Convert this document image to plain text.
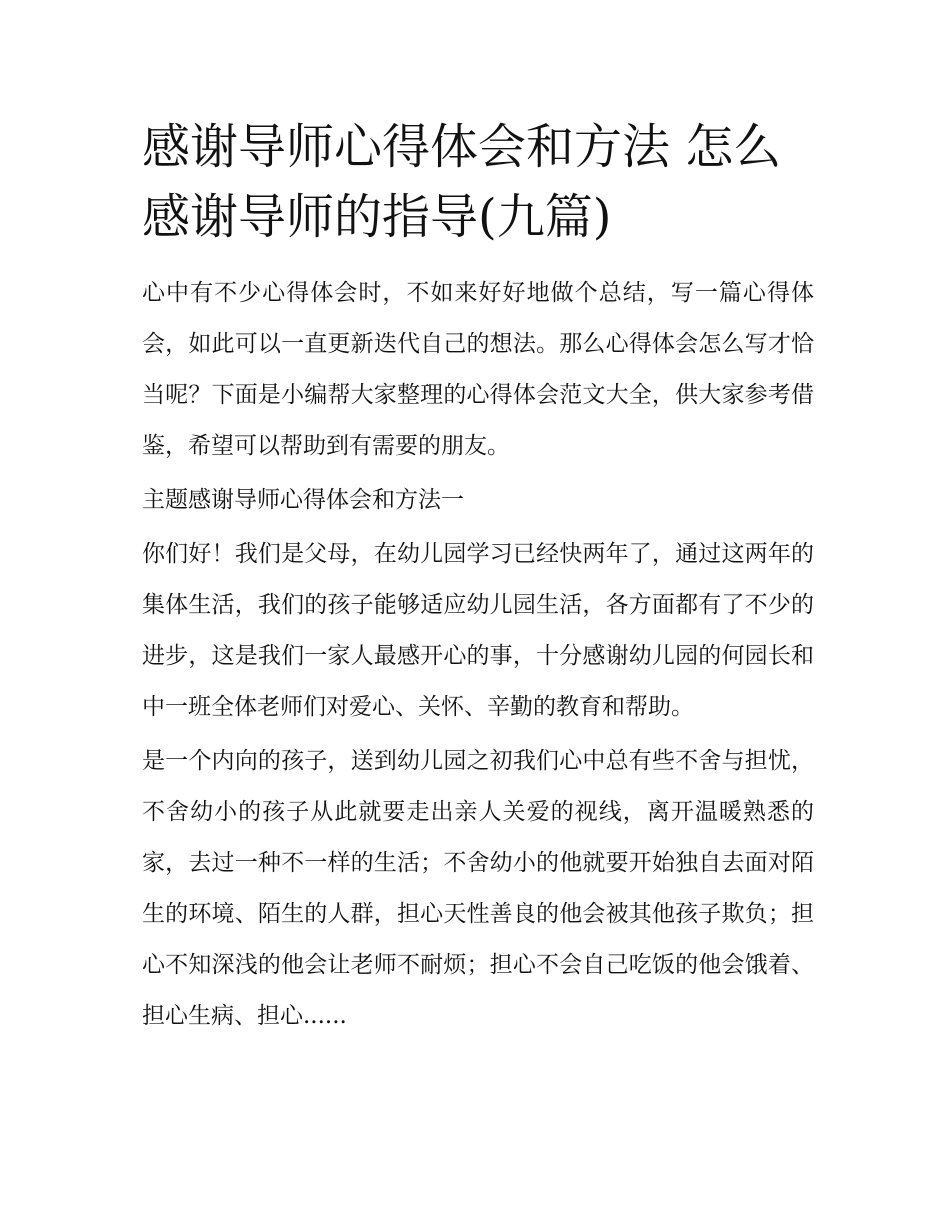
感谢导师心得体会和方法 怎么感谢导师的指导(九篇)

心中有不少心得体会时，不如来好好地做个总结，写一篇心得体会，如此可以一直更新迭代自己的想法。那么心得体会怎么写才恰当呢？下面是小编帮大家整理的心得体会范文大全，供大家参考借鉴，希望可以帮助到有需要的朋友。

主题感谢导师心得体会和方法一

你们好！我们是父母，在幼儿园学习已经快两年了，通过这两年的集体生活，我们的孩子能够适应幼儿园生活，各方面都有了不少的进步，这是我们一家人最感开心的事，十分感谢幼儿园的何园长和中一班全体老师们对爱心、关怀、辛勤的教育和帮助。

是一个内向的孩子，送到幼儿园之初我们心中总有些不舍与担忧，不舍幼小的孩子从此就要走出亲人关爱的视线，离开温暖熟悉的家，去过一种不一样的生活；不舍幼小的他就要开始独自去面对陌生的环境、陌生的人群，担心天性善良的他会被其他孩子欺负；担心不知深浅的他会让老师不耐烦；担心不会自己吃饭的他会饿着、担心生病、担心......
